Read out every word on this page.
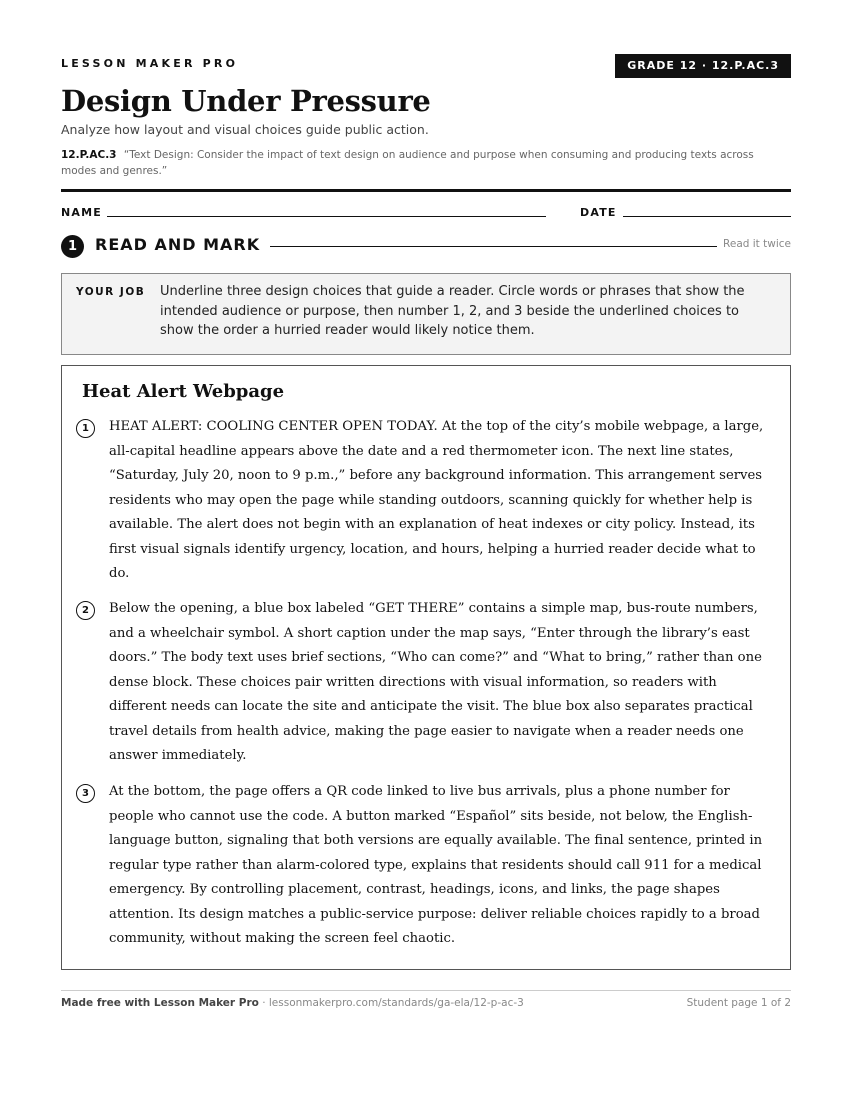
LESSON MAKER PRO	GRADE 12 · 12.P.AC.3
Design Under Pressure
Analyze how layout and visual choices guide public action.
12.P.AC.3 “Text Design: Consider the impact of text design on audience and purpose when consuming and producing texts across modes and genres.”
NAME	DATE
1	READ AND MARK	Read it twice
YOUR JOB Underline three design choices that guide a reader. Circle words or phrases that show the intended audience or purpose, then number 1, 2, and 3 beside the underlined choices to show the order a hurried reader would likely notice them.
Heat Alert Webpage
1	HEAT ALERT: COOLING CENTER OPEN TODAY. At the top of the city’s mobile webpage, a large, all-capital headline appears above the date and a red thermometer icon. The next line states, “Saturday, July 20, noon to 9 p.m.,” before any background information. This arrangement serves residents who may open the page while standing outdoors, scanning quickly for whether help is available. The alert does not begin with an explanation of heat indexes or city policy. Instead, its first visual signals identify urgency, location, and hours, helping a hurried reader decide what to do.
2	Below the opening, a blue box labeled “GET THERE” contains a simple map, bus-route numbers, and a wheelchair symbol. A short caption under the map says, “Enter through the library’s east doors.” The body text uses brief sections, “Who can come?” and “What to bring,” rather than one dense block. These choices pair written directions with visual information, so readers with different needs can locate the site and anticipate the visit. The blue box also separates practical travel details from health advice, making the page easier to navigate when a reader needs one answer immediately.
3	At the bottom, the page offers a QR code linked to live bus arrivals, plus a phone number for people who cannot use the code. A button marked “Español” sits beside, not below, the English-language button, signaling that both versions are equally available. The final sentence, printed in regular type rather than alarm-colored type, explains that residents should call 911 for a medical emergency. By controlling placement, contrast, headings, icons, and links, the page shapes attention. Its design matches a public-service purpose: deliver reliable choices rapidly to a broad community, without making the screen feel chaotic.
Made free with Lesson Maker Pro · lessonmakerpro.com/standards/ga-ela/12-p-ac-3	Student page 1 of 2
